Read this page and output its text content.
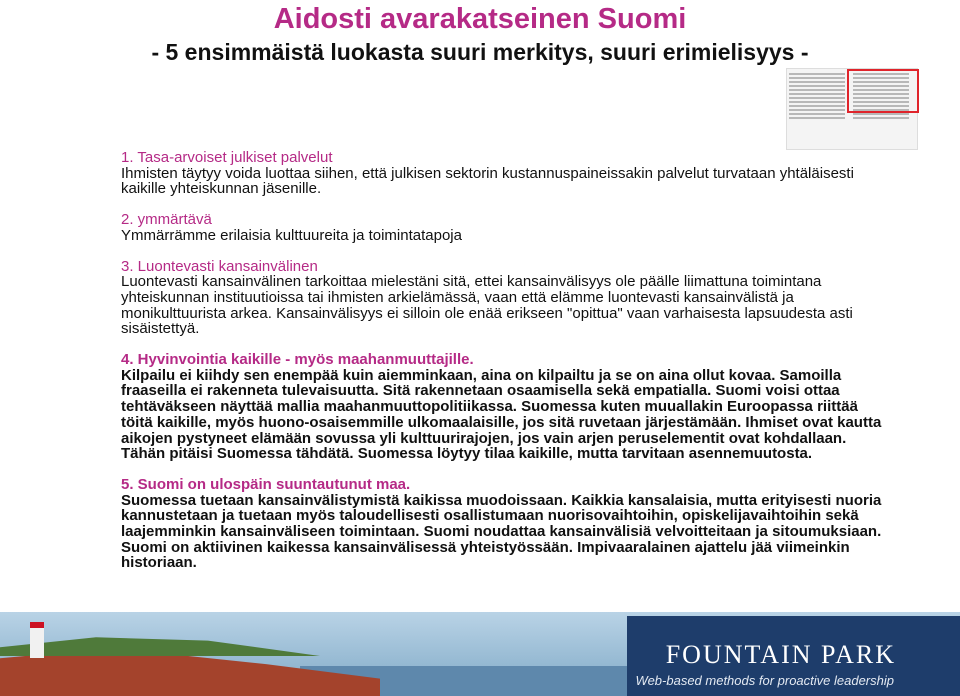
Aidosti avarakatseinen Suomi
- 5 ensimmäistä luokasta suuri merkitys, suuri erimielisyys -

1. Tasa-arvoiset julkiset palvelut

Ihmisten täytyy voida luottaa siihen, että julkisen sektorin kustannuspaineissakin palvelut turvataan yhtäläisesti kaikille yhteiskunnan jäsenille.

2. ymmärtävä

Ymmärrämme erilaisia kulttuureita ja toimintatapoja

3. Luontevasti kansainvälinen

Luontevasti kansainvälinen tarkoittaa mielestäni sitä, ettei kansainvälisyys ole päälle liimattuna toimintana yhteiskunnan instituutioissa tai ihmisten arkielämässä, vaan että elämme luontevasti kansainvälistä ja monikulttuurista arkea. Kansainvälisyys ei silloin ole enää erikseen "opittua" vaan varhaisesta lapsuudesta asti sisäistettyä.

4. Hyvinvointia kaikille - myös maahanmuuttajille.

Kilpailu ei kiihdy sen enempää kuin aiemminkaan, aina on kilpailtu ja se on aina ollut kovaa. Samoilla fraaseilla ei rakenneta tulevaisuutta. Sitä rakennetaan osaamisella sekä empatialla. Suomi voisi ottaa tehtäväkseen näyttää mallia maahanmuuttopolitiikassa. Suomessa kuten muuallakin Euroopassa riittää töitä kaikille, myös huono-osaisemmille ulkomaalaisille, jos sitä ruvetaan järjestämään. Ihmiset ovat kautta aikojen pystyneet elämään sovussa yli kulttuurirajojen, jos vain arjen peruselementit ovat kohdallaan. Tähän pitäisi Suomessa tähdätä. Suomessa löytyy tilaa kaikille, mutta tarvitaan asennemuutosta.

5. Suomi on ulospäin suuntautunut maa.

Suomessa tuetaan kansainvälistymistä kaikissa muodoissaan. Kaikkia kansalaisia, mutta erityisesti nuoria kannustetaan ja tuetaan myös taloudellisesti osallistumaan nuorisovaihtoihin, opiskelijavaihtoihin sekä laajemminkin kansainväliseen toimintaan. Suomi noudattaa kansainvälisiä velvoitteitaan ja sitoumuksiaan. Suomi on aktiivinen kaikessa kansainvälisessä yhteistyössään. Impivaaralainen ajattelu jää viimeinkin historiaan.

FOUNTAIN PARK
Web-based methods for proactive leadership
